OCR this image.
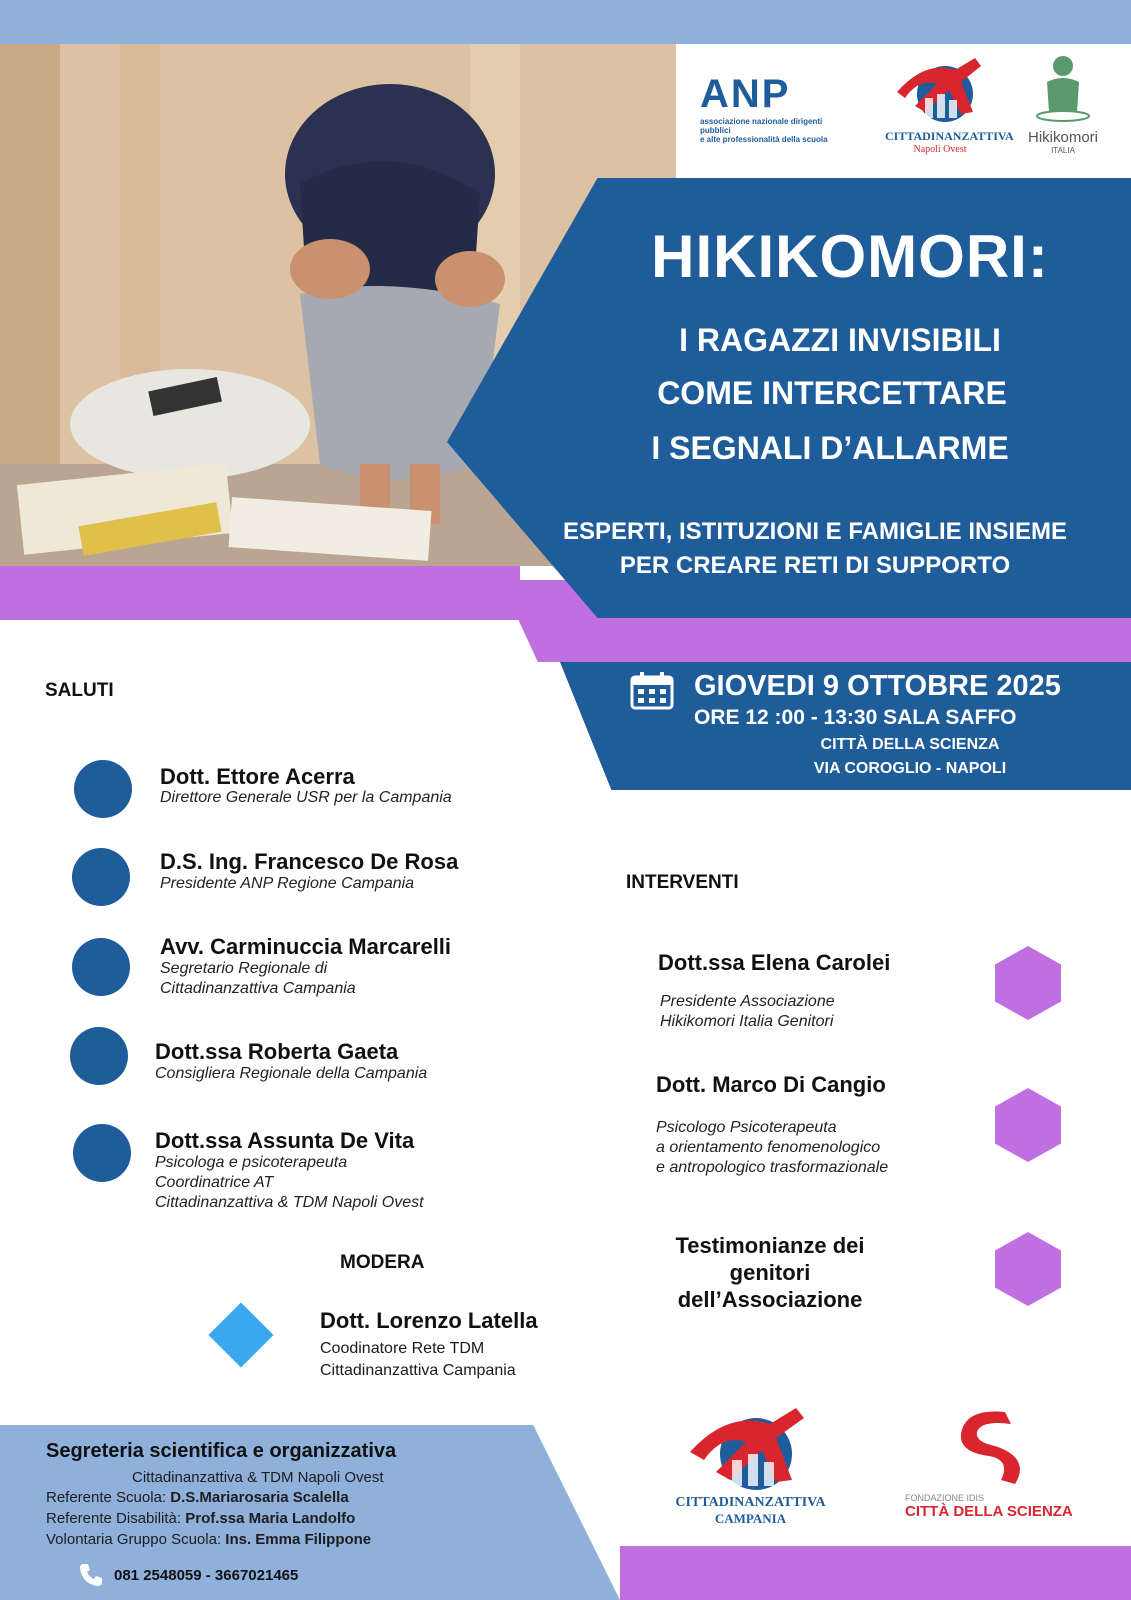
ANP
associazione nazionale dirigenti pubblici
e alte professionalità della scuola	CITTADINANZATTIVA
Napoli Ovest
Hikikomori
ITALIA
HIKIKOMORI:
I RAGAZZI INVISIBILI
COME INTERCETTARE
I SEGNALI D’ALLARME
ESPERTI, ISTITUZIONI E FAMIGLIE INSIEME
PER CREARE RETI DI SUPPORTO
GIOVEDI 9 OTTOBRE 2025
ORE 12 :00 - 13:30 SALA SAFFO
CITTÀ DELLA SCIENZA
VIA COROGLIO - NAPOLI
SALUTI
Dott. Ettore Acerra
Direttore Generale USR per la Campania
D.S. Ing. Francesco De Rosa
Presidente ANP Regione Campania
Avv. Carminuccia Marcarelli
Segretario Regionale di
Cittadinanzattiva Campania
Dott.ssa Roberta Gaeta
Consigliera Regionale della Campania
Dott.ssa Assunta De Vita
Psicologa e psicoterapeuta
Coordinatrice AT
Cittadinanzattiva & TDM Napoli Ovest
MODERA
Dott. Lorenzo Latella
Coodinatore Rete TDM
Cittadinanzattiva Campania
INTERVENTI
Dott.ssa Elena Carolei
Presidente Associazione
Hikikomori Italia Genitori
Dott. Marco Di Cangio
Psicologo Psicoterapeuta
a orientamento fenomenologico
e antropologico trasformazionale
Testimonianze dei
genitori
dell’Associazione
Segreteria scientifica e organizzativa
Cittadinanzattiva & TDM Napoli Ovest
Referente Scuola: D.S.Mariarosaria Scalella
Referente Disabilità: Prof.ssa Maria Landolfo
Volontaria Gruppo Scuola: Ins. Emma Filippone
081 2548059 - 3667021465
CITTADINANZATTIVA
CAMPANIA
FONDAZIONE IDIS
CITTÀ DELLA SCIENZA
